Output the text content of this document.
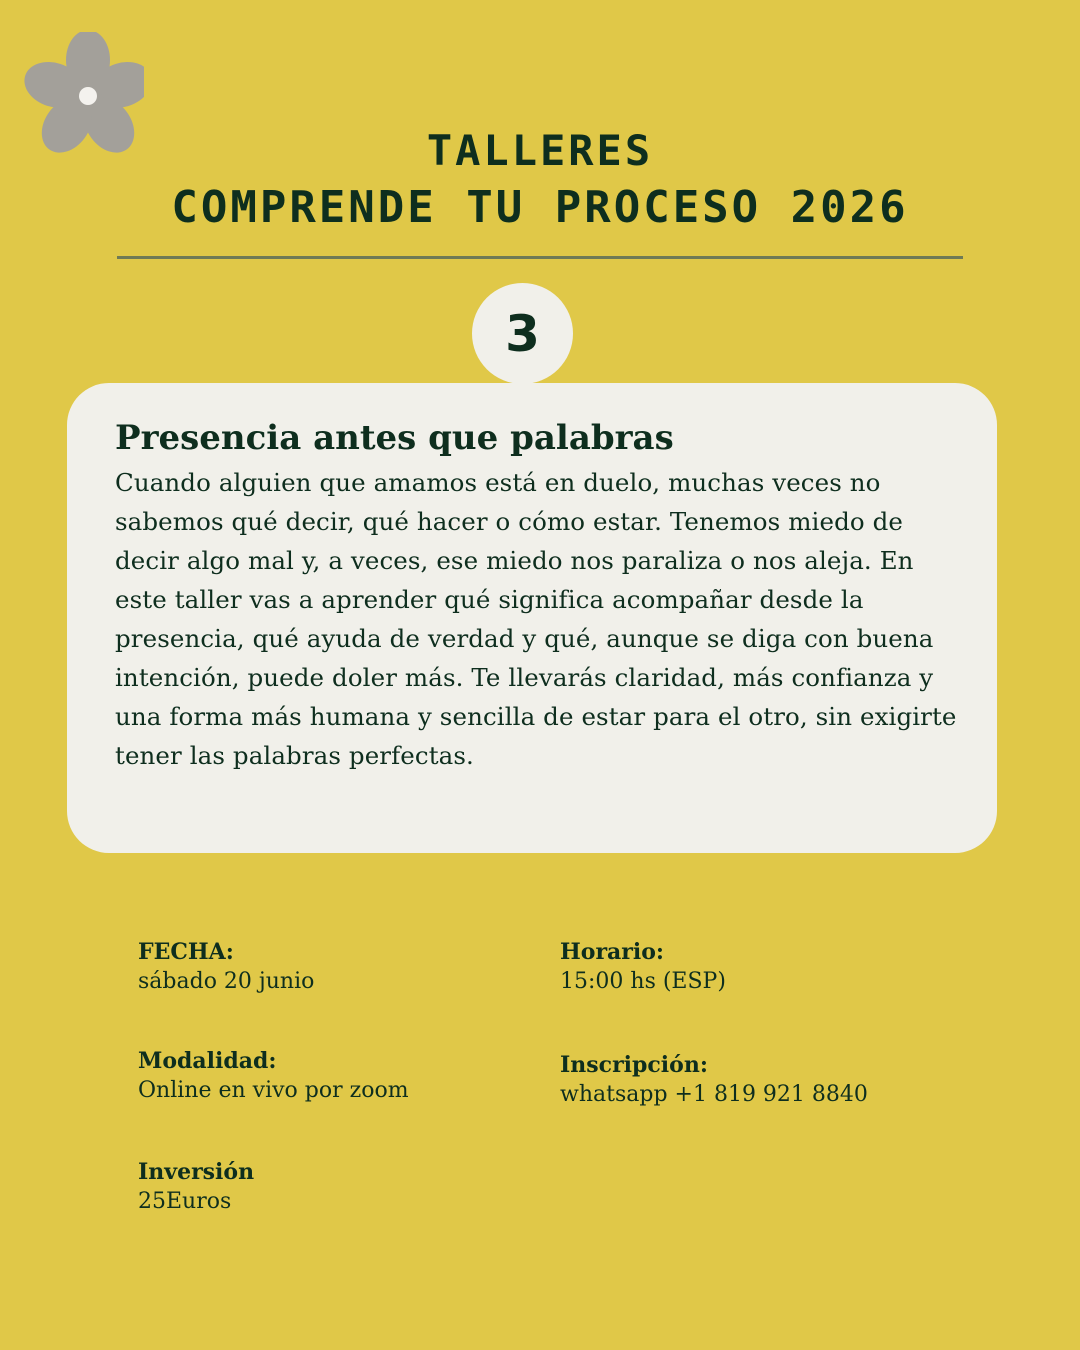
TALLERES
COMPRENDE TU PROCESO 2026
3
Presencia antes que palabras

Cuando alguien que amamos está en duelo, muchas veces no sabemos qué decir, qué hacer o cómo estar. Tenemos miedo de decir algo mal y, a veces, ese miedo nos paraliza o nos aleja. En este taller vas a aprender qué significa acompañar desde la presencia, qué ayuda de verdad y qué, aunque se diga con buena intención, puede doler más. Te llevarás claridad, más confianza y una forma más humana y sencilla de estar para el otro, sin exigirte tener las palabras perfectas.

FECHA:
sábado 20 junio
Horario:
15:00 hs (ESP)
Modalidad:
Online en vivo por zoom
Inscripción:
whatsapp +1 819 921 8840
Inversión
25Euros
